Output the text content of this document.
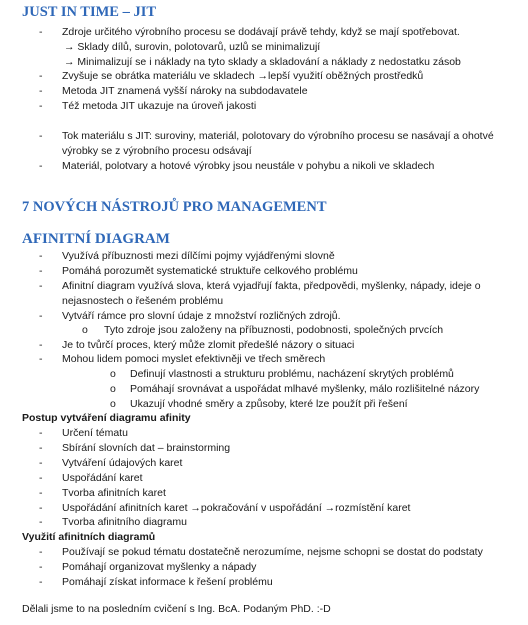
JUST IN TIME – JIT
- Zdroje určitého výrobního procesu se dodávají právě tehdy, když se mají spotřebovat.
→ Sklady dílů, surovin, polotovarů, uzlů se minimalizují
→ Minimalizují se i náklady na tyto sklady a skladování a náklady z nedostatku zásob
- Zvyšuje se obrátka materiálu ve skladech →lepší využití oběžných prostředků
- Metoda JIT znamená vyšší nároky na subdodavatele
- Též metoda JIT ukazuje na úroveň jakosti
- Tok materiálu s JIT: suroviny, materiál, polotovary do výrobního procesu se nasávají a ohotvé
výrobky se z výrobního procesu odsávají
- Materiál, polotvary a hotové výrobky jsou neustále v pohybu a nikoli ve skladech
7 NOVÝCH NÁSTROJŮ PRO MANAGEMENT
AFINITNÍ DIAGRAM
- Využívá příbuznosti mezi dílčími pojmy vyjádřenými slovně
- Pomáhá porozumět systematické struktuře celkového problému
- Afinitní diagram využívá slova, která vyjadřují fakta, předpovědi, myšlenky, nápady, ideje o
nejasnostech o řešeném problému
- Vytváří rámce pro slovní údaje z množství rozličných zdrojů.
o Tyto zdroje jsou založeny na příbuznosti, podobnosti, společných prvcích
- Je to tvůrčí proces, který může zlomit předešlé názory o situaci
- Mohou lidem pomoci myslet efektivněji ve třech směrech
o Definují vlastnosti a strukturu problému, nacházení skrytých problémů
o Pomáhají srovnávat a uspořádat mlhavé myšlenky, málo rozlišitelné názory
o Ukazují vhodné směry a způsoby, které lze použít při řešení
Postup vytváření diagramu afinity
- Určení tématu
- Sbírání slovních dat – brainstorming
- Vytváření údajových karet
- Uspořádání karet
- Tvorba afinitních karet
- Uspořádání afinitních karet →pokračování v uspořádání →rozmístění karet
- Tvorba afinitního diagramu
Využití afinitních diagramů
- Používají se pokud tématu dostatečně nerozumíme, nejsme schopni se dostat do podstaty
- Pomáhají organizovat myšlenky a nápady
- Pomáhají získat informace k řešení problému
Dělali jsme to na posledním cvičení s Ing. BcA. Podaným PhD. :-D
